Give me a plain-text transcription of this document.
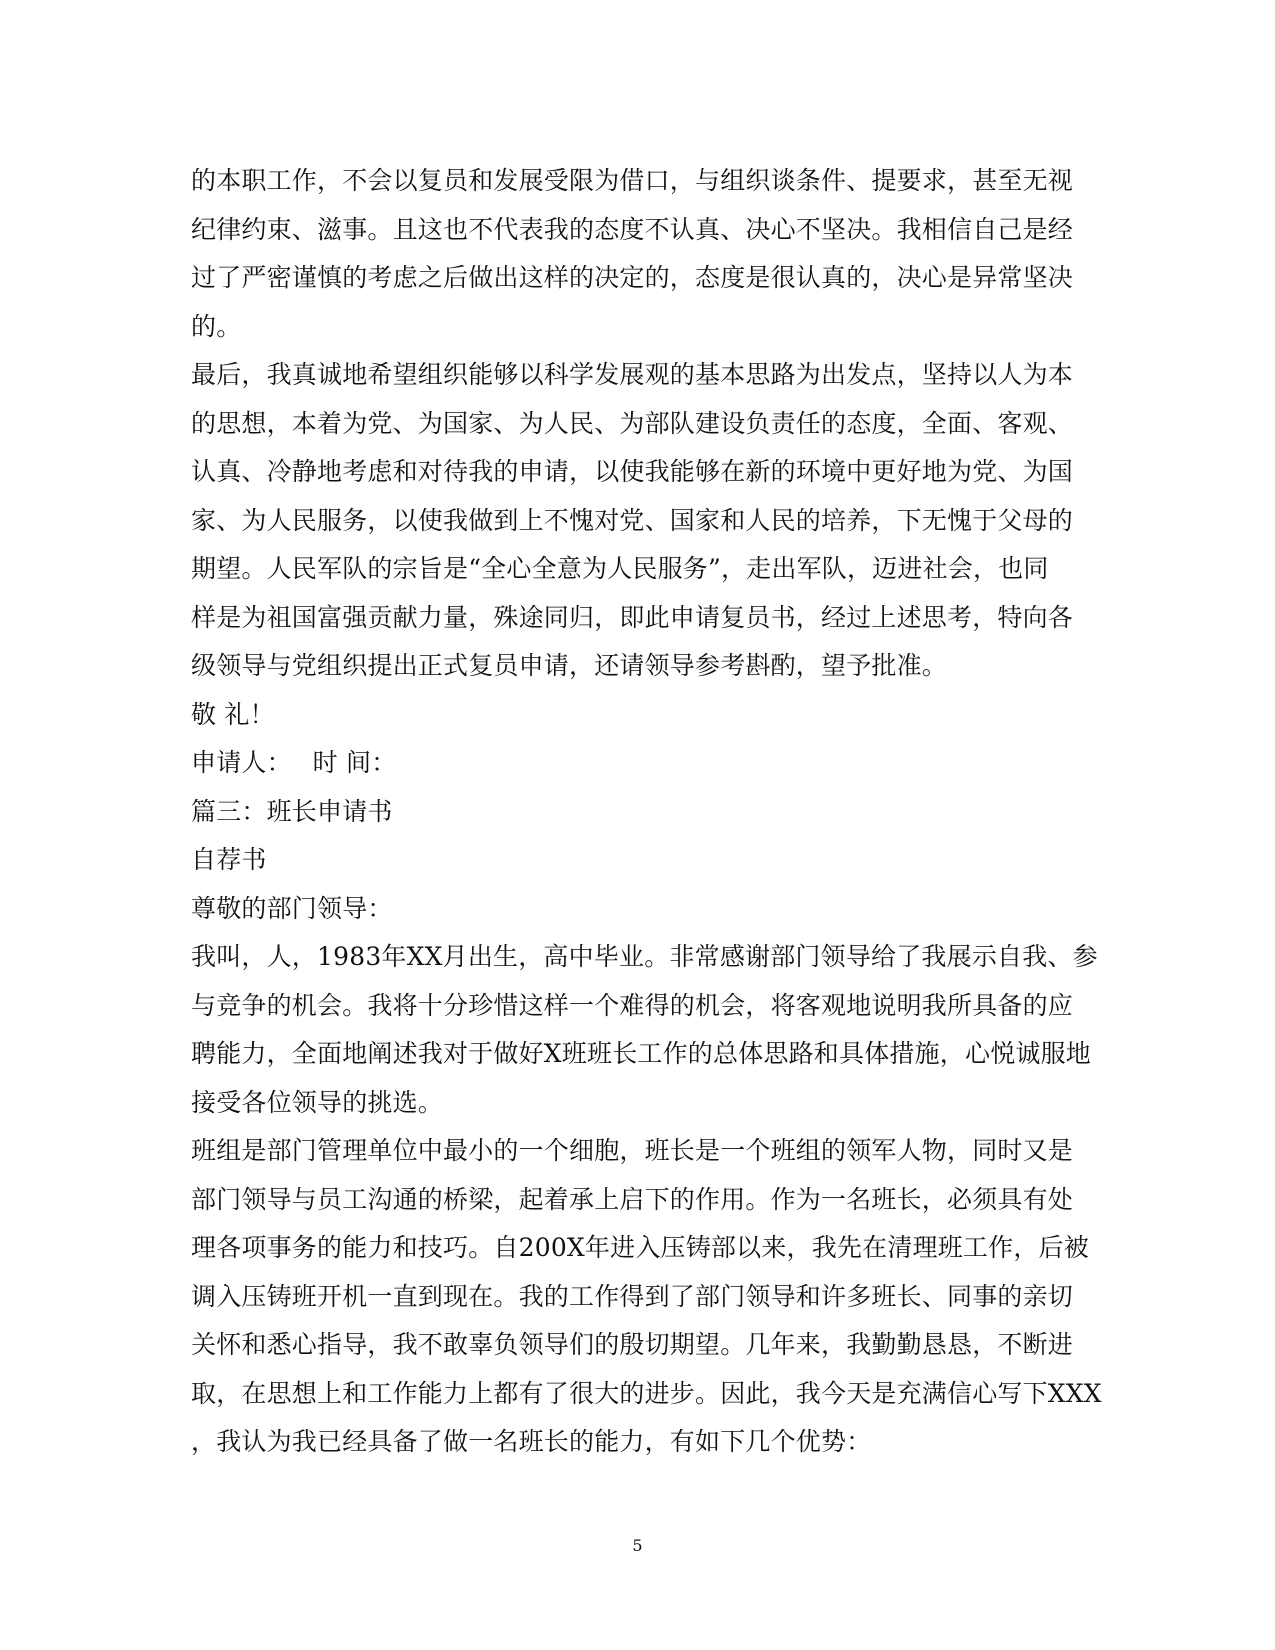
的本职工作，不会以复员和发展受限为借口，与组织谈条件、提要求，甚至无视
纪律约束、滋事。且这也不代表我的态度不认真、决心不坚决。我相信自己是经
过了严密谨慎的考虑之后做出这样的决定的，态度是很认真的，决心是异常坚决
的。
最后，我真诚地希望组织能够以科学发展观的基本思路为出发点，坚持以人为本
的思想，本着为党、为国家、为人民、为部队建设负责任的态度，全面、客观、
认真、冷静地考虑和对待我的申请，以使我能够在新的环境中更好地为党、为国
家、为人民服务，以使我做到上不愧对党、国家和人民的培养，下无愧于父母的
期望。人民军队的宗旨是“全心全意为人民服务”，走出军队，迈进社会，也同
样是为祖国富强贡献力量，殊途同归，即此申请复员书，经过上述思考，特向各
级领导与党组织提出正式复员申请，还请领导参考斟酌，望予批准。
敬 礼！
申请人：　 时 间：
篇三：班长申请书
自荐书
尊敬的部门领导：
我叫，人，1983年XX月出生，高中毕业。非常感谢部门领导给了我展示自我、参
与竞争的机会。我将十分珍惜这样一个难得的机会，将客观地说明我所具备的应
聘能力，全面地阐述我对于做好X班班长工作的总体思路和具体措施，心悦诚服地
接受各位领导的挑选。
班组是部门管理单位中最小的一个细胞，班长是一个班组的领军人物，同时又是
部门领导与员工沟通的桥梁，起着承上启下的作用。作为一名班长，必须具有处
理各项事务的能力和技巧。自200X年进入压铸部以来，我先在清理班工作，后被
调入压铸班开机一直到现在。我的工作得到了部门领导和许多班长、同事的亲切
关怀和悉心指导，我不敢辜负领导们的殷切期望。几年来，我勤勤恳恳，不断进
取，在思想上和工作能力上都有了很大的进步。因此，我今天是充满信心写下XXX
，我认为我已经具备了做一名班长的能力，有如下几个优势：
5
